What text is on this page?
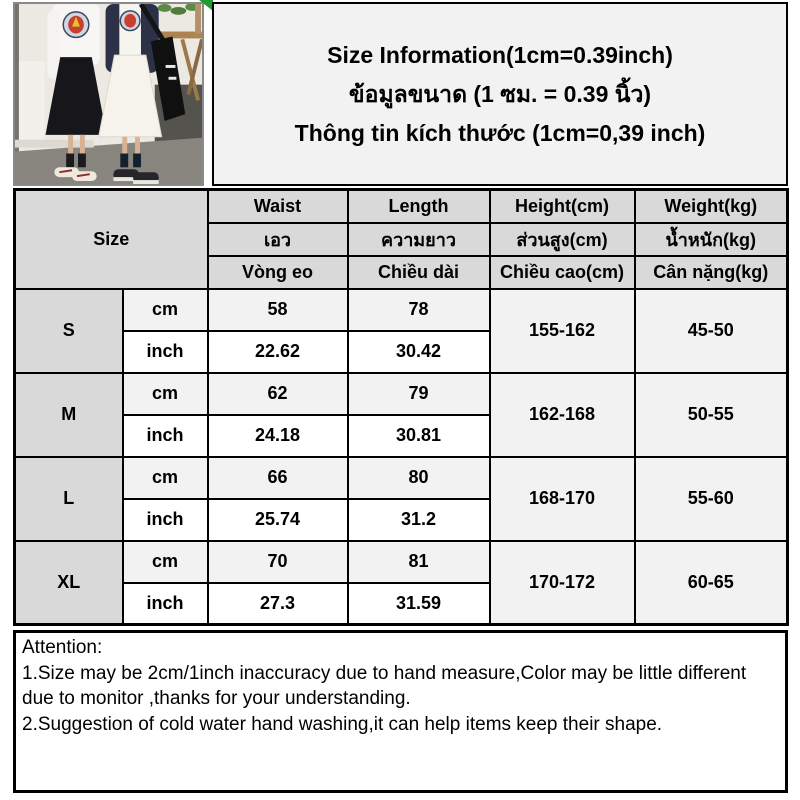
Size Information(1cm=0.39inch)
ข้อมูลขนาด (1 ซม. = 0.39 นิ้ว)
Thông tin kích thước (1cm=0,39 inch)
Size		Waist	Length	Height(cm)	Weight(kg)
		เอว	ความยาว	ส่วนสูง(cm)	น้ำหนัก(kg)
		Vòng eo	Chiều dài	Chiều cao(cm)	Cân nặng(kg)
S	cm	58	78	155-162	45-50
	inch	22.62	30.42		
M	cm	62	79	162-168	50-55
	inch	24.18	30.81		
L	cm	66	80	168-170	55-60
	inch	25.74	31.2		
XL	cm	70	81	170-172	60-65
	inch	27.3	31.59		
Attention:
1.Size may be 2cm/1inch inaccuracy due to hand measure,Color may be little different due to monitor ,thanks for your understanding.
2.Suggestion of cold water hand washing,it can help items keep their shape.
